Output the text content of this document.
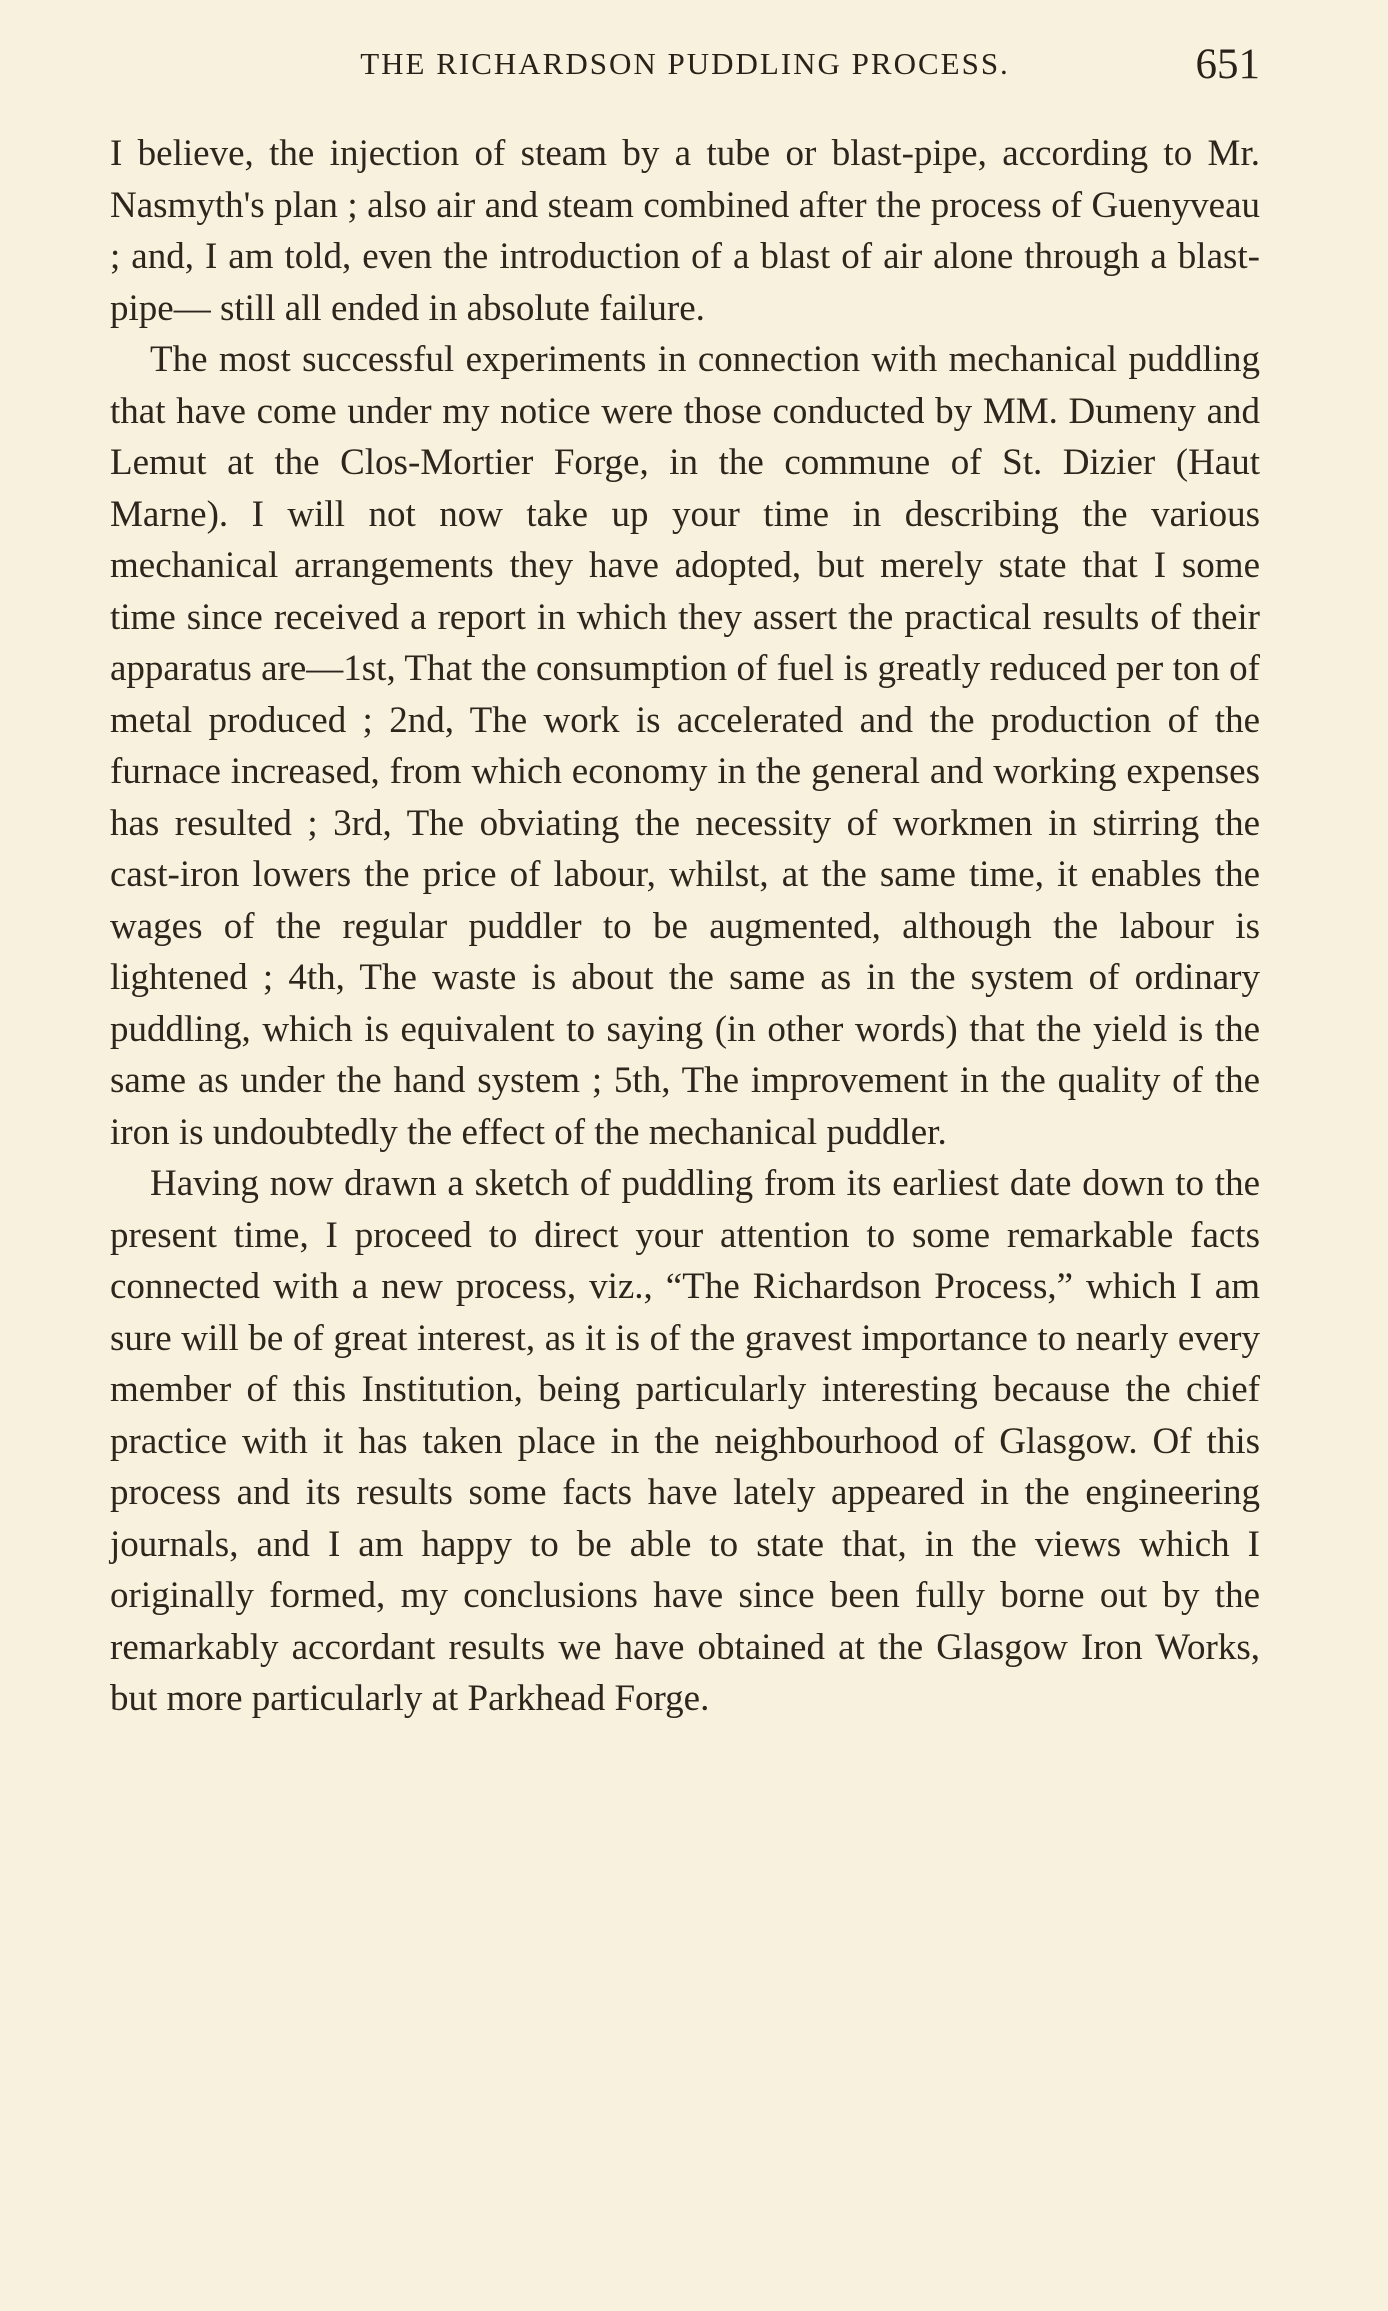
THE RICHARDSON PUDDLING PROCESS.	651

I believe, the injection of steam by a tube or blast-pipe, according to Mr. Nasmyth's plan ; also air and steam combined after the process of Guenyveau ; and, I am told, even the introduction of a blast of air alone through a blast-pipe— still all ended in absolute failure.

The most successful experiments in connection with mechanical puddling that have come under my notice were those conducted by MM. Dumeny and Lemut at the Clos-Mortier Forge, in the commune of St. Dizier (Haut Marne). I will not now take up your time in describing the various mechanical arrangements they have adopted, but merely state that I some time since received a report in which they assert the practical results of their apparatus are—1st, That the consumption of fuel is greatly reduced per ton of metal produced ; 2nd, The work is accelerated and the production of the furnace increased, from which economy in the general and working expenses has resulted ; 3rd, The obviating the necessity of workmen in stirring the cast-iron lowers the price of labour, whilst, at the same time, it enables the wages of the regular puddler to be augmented, although the labour is lightened ; 4th, The waste is about the same as in the system of ordinary puddling, which is equivalent to saying (in other words) that the yield is the same as under the hand system ; 5th, The improvement in the quality of the iron is undoubtedly the effect of the mechanical puddler.

Having now drawn a sketch of puddling from its earliest date down to the present time, I proceed to direct your attention to some remarkable facts connected with a new process, viz., “The Richardson Process,” which I am sure will be of great interest, as it is of the gravest importance to nearly every member of this Institution, being particularly interesting because the chief practice with it has taken place in the neighbourhood of Glasgow. Of this process and its results some facts have lately appeared in the engineering journals, and I am happy to be able to state that, in the views which I originally formed, my conclusions have since been fully borne out by the remarkably accordant results we have obtained at the Glasgow Iron Works, but more particularly at Parkhead Forge.
